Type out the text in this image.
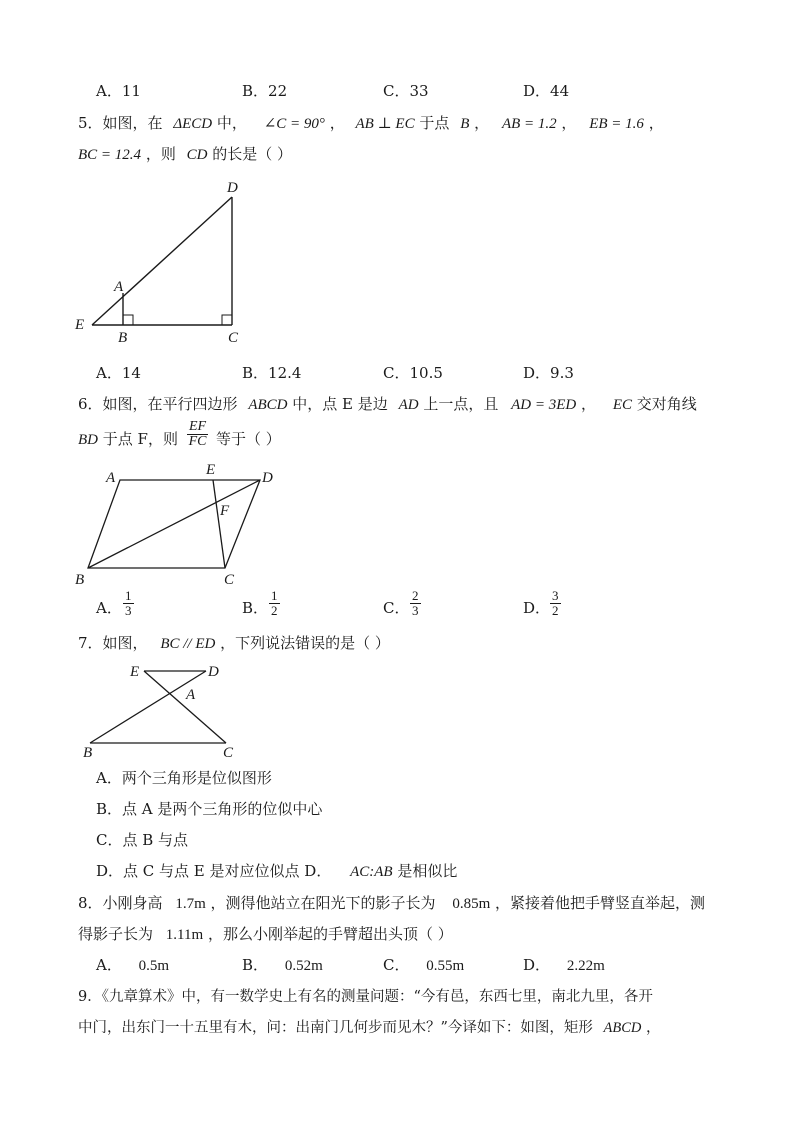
A．11	B．22	C．33	D．44
5．如图，在 ΔECD 中， ∠C = 90° ， AB ⊥ EC 于点 B ， AB = 1.2 ， EB = 1.6 ，
BC = 12.4 ，则 CD 的长是（ ）
D
A
E
B	C
A．14	B．12.4	C．10.5	D．9.3
6．如图，在平行四边形 ABCD 中，点 E 是边 AD 上一点，且 AD = 3ED ， EC 交对角线
BD 于点 F，则 $\frac{EF}{FC}$ 等于（ ）
A	E	D
F
B	C
A． $\frac{1}{3}$	B． $\frac{1}{2}$	C． $\frac{2}{3}$	D． $\frac{3}{2}$
7．如图， BC // ED ，下列说法错误的是（ ）
E	D
A
B	C
A．两个三角形是位似图形
B．点 A 是两个三角形的位似中心
C．点 B 与点
D．点 C 与点 E 是对应位似点 D． AC:AB 是相似比
8．小刚身高 1.7m ，测得他站立在阳光下的影子长为 0.85m ，紧接着他把手臂竖直举起，测
得影子长为 1.11m ，那么小刚举起的手臂超出头顶（ ）
A． 0.5m	B． 0.52m	C． 0.55m	D． 2.22m
9．《九章算术》中，有一数学史上有名的测量问题：“今有邑，东西七里，南北九里，各开
中门，出东门一十五里有木，问：出南门几何步而见木？”今译如下：如图，矩形 ABCD ，
